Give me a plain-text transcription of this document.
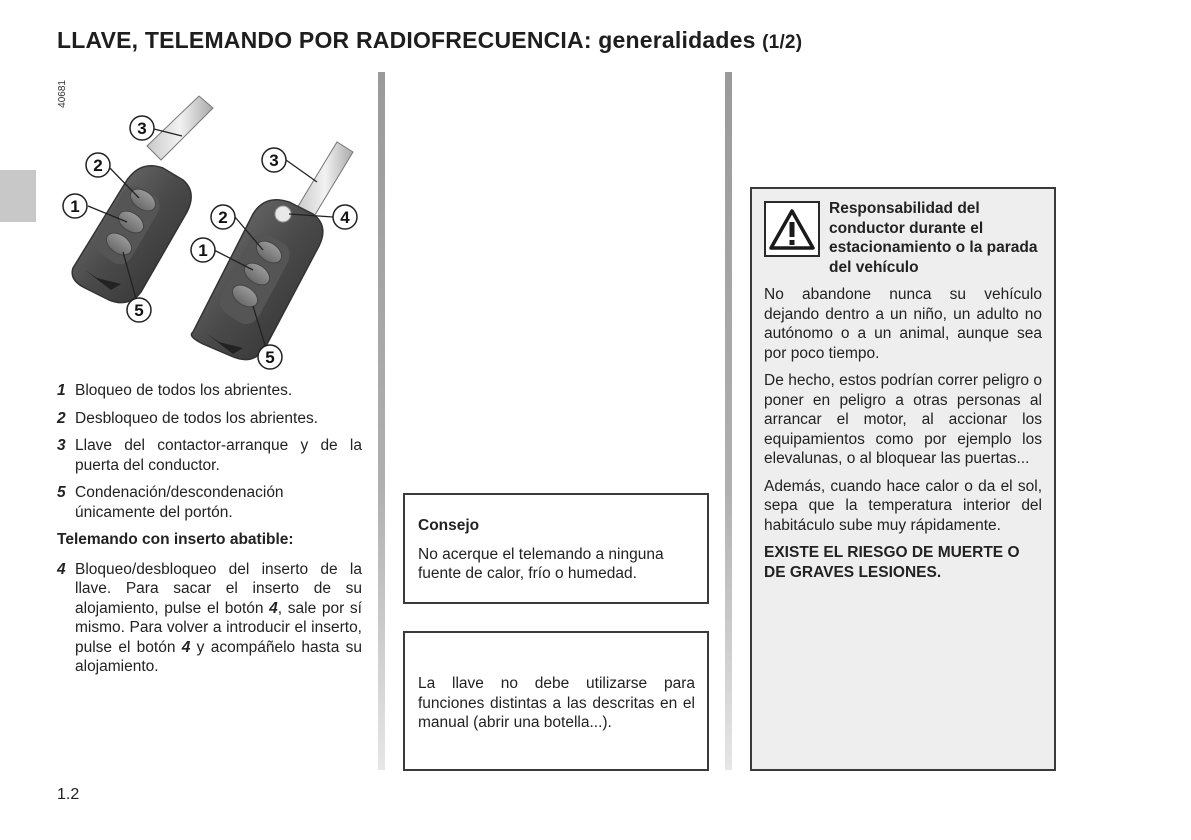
LLAVE, TELEMANDO POR RADIOFRECUENCIA: generalidades (1/2)
40681
3
2
1
5
3
4
2
1
5
1 Bloqueo de todos los abrientes.
2 Desbloqueo de todos los abrientes.
3 Llave del contactor-arranque y de la puerta del conductor.
5 Condenación/descondenación únicamente del portón.
Telemando con inserto abatible:
4 Bloqueo/desbloqueo del inserto de la llave. Para sacar el inserto de su alojamiento, pulse el botón 4, sale por sí mismo. Para volver a introducir el inserto, pulse el botón 4 y acompáñelo hasta su alojamiento.
Consejo
No acerque el telemando a ninguna fuente de calor, frío o humedad.
La llave no debe utilizarse para funciones distintas a las descritas en el manual (abrir una botella...).
Responsabilidad del conductor durante el estacionamiento o la parada del vehículo

No abandone nunca su vehículo dejando dentro a un niño, un adulto no autónomo o a un animal, aunque sea por poco tiempo.

De hecho, estos podrían correr peligro o poner en peligro a otras personas al arrancar el motor, al accionar los equipamientos como por ejemplo los elevalunas, o al bloquear las puertas...

Además, cuando hace calor o da el sol, sepa que la temperatura interior del habitáculo sube muy rápidamente.

EXISTE EL RIESGO DE MUERTE O DE GRAVES LESIONES.

1.2
